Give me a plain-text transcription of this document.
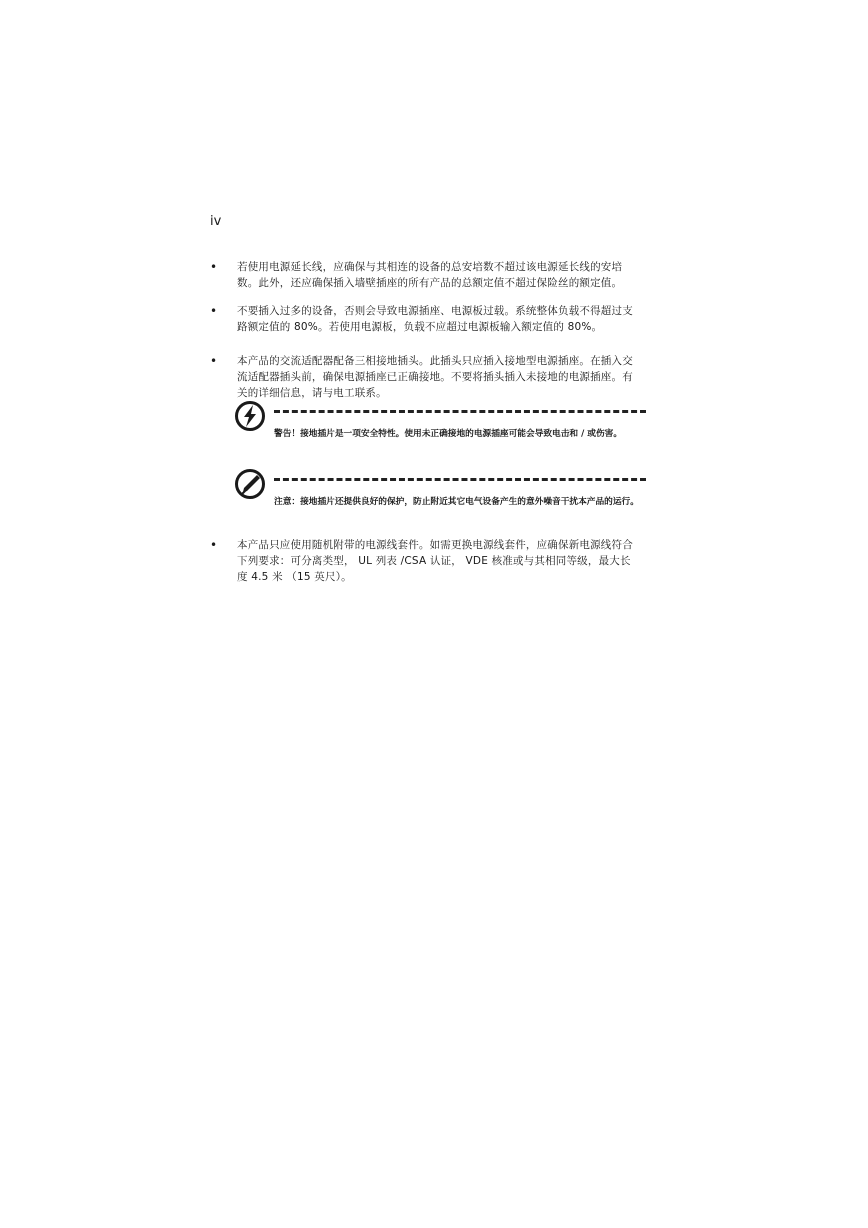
iv
• 若使用电源延长线，应确保与其相连的设备的总安培数不超过该电源延长线的安培数。此外，还应确保插入墙壁插座的所有产品的总额定值不超过保险丝的额定值。
• 不要插入过多的设备，否则会导致电源插座、电源板过载。系统整体负载不得超过支路额定值的 80%。若使用电源板，负载不应超过电源板输入额定值的 80%。
• 本产品的交流适配器配备三相接地插头。此插头只应插入接地型电源插座。在插入交流适配器插头前，确保电源插座已正确接地。不要将插头插入未接地的电源插座。有关的详细信息，请与电工联系。
警告！接地插片是一项安全特性。使用未正确接地的电源插座可能会导致电击和 / 或伤害。
注意：接地插片还提供良好的保护，防止附近其它电气设备产生的意外噪音干扰本产品的运行。
• 本产品只应使用随机附带的电源线套件。如需更换电源线套件，应确保新电源线符合下列要求：可分离类型， UL 列表 /CSA 认证， VDE 核准或与其相同等级，最大长度 4.5 米 （15 英尺）。
